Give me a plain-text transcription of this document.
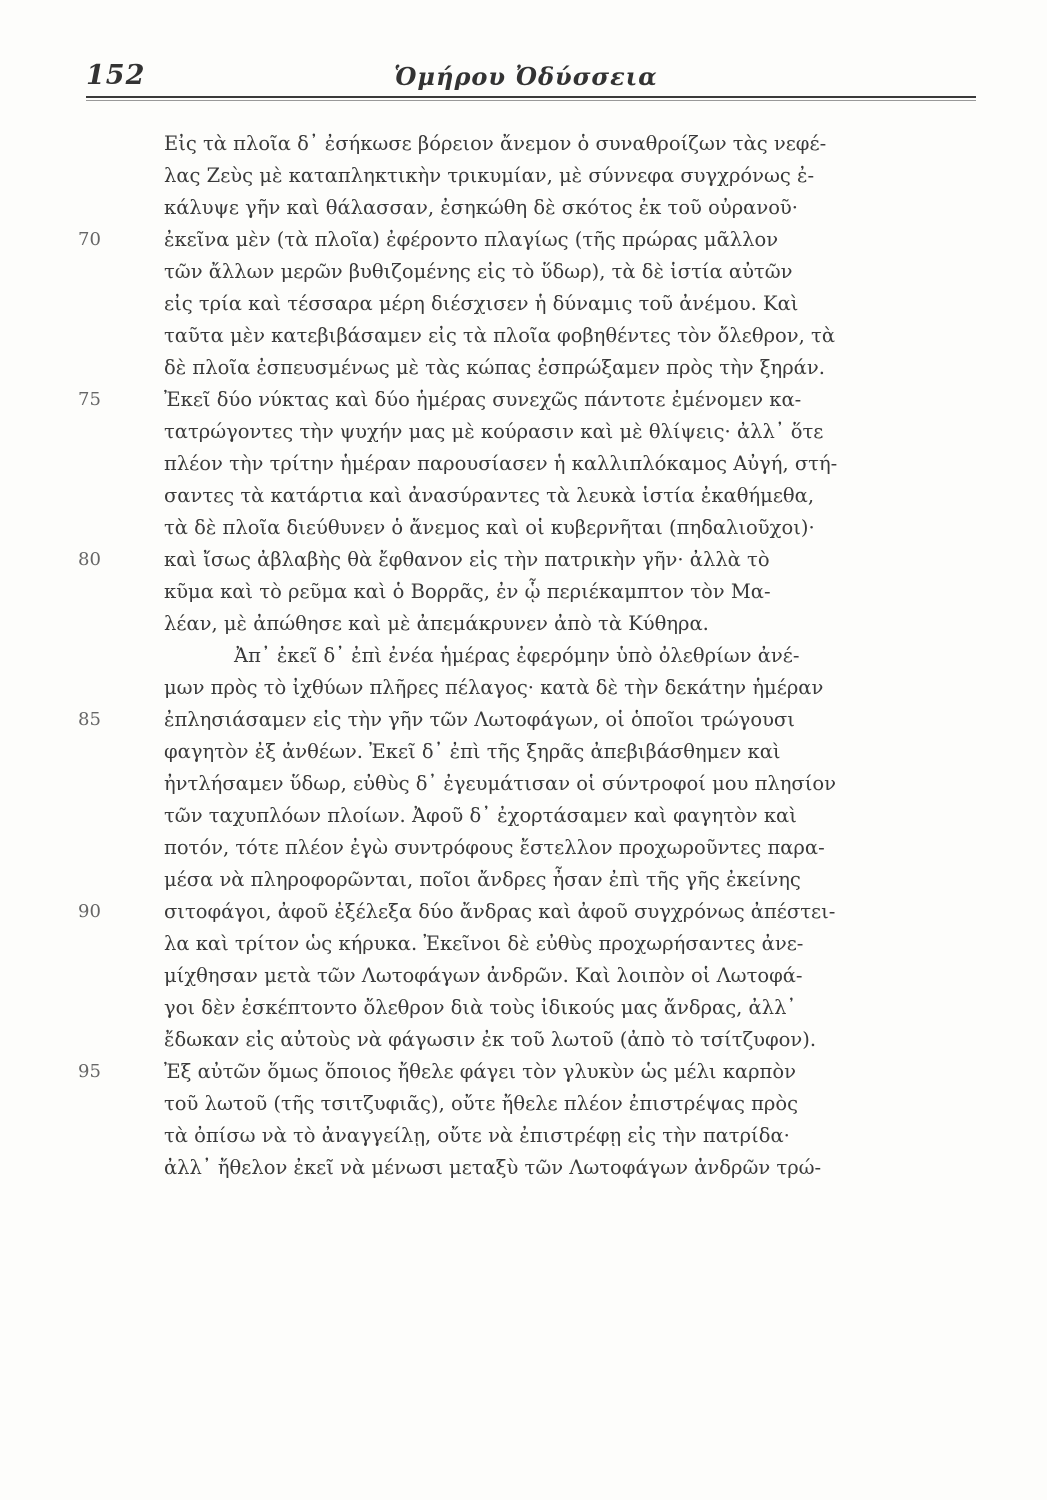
152	Ὁμήρου Ὀδύσσεια
70
75
80
85
90
95
Εἰς τὰ πλοῖα δ᾽ ἐσήκωσε βόρειον ἄνεμον ὁ συναθροίζων τὰς νεφέ-
λας Ζεὺς μὲ καταπληκτικὴν τρικυμίαν, μὲ σύννεφα συγχρόνως ἐ-
κάλυψε γῆν καὶ θάλασσαν, ἐσηκώθη δὲ σκότος ἐκ τοῦ οὐρανοῦ·
ἐκεῖνα μὲν (τὰ πλοῖα) ἐφέροντο πλαγίως (τῆς πρώρας μᾶλλον
τῶν ἄλλων μερῶν βυθιζομένης εἰς τὸ ὕδωρ), τὰ δὲ ἱστία αὐτῶν
εἰς τρία καὶ τέσσαρα μέρη διέσχισεν ἡ δύναμις τοῦ ἀνέμου. Καὶ
ταῦτα μὲν κατεβιβάσαμεν εἰς τὰ πλοῖα φοβηθέντες τὸν ὄλεθρον, τὰ
δὲ πλοῖα ἐσπευσμένως μὲ τὰς κώπας ἐσπρώξαμεν πρὸς τὴν ξηράν.
Ἐκεῖ δύο νύκτας καὶ δύο ἡμέρας συνεχῶς πάντοτε ἐμένομεν κα-
τατρώγοντες τὴν ψυχήν μας μὲ κούρασιν καὶ μὲ θλίψεις· ἀλλ᾽ ὅτε
πλέον τὴν τρίτην ἡμέραν παρουσίασεν ἡ καλλιπλόκαμος Αὐγή, στή-
σαντες τὰ κατάρτια καὶ ἀνασύραντες τὰ λευκὰ ἱστία ἐκαθήμεθα,
τὰ δὲ πλοῖα διεύθυνεν ὁ ἄνεμος καὶ οἱ κυβερνῆται (πηδαλιοῦχοι)·
καὶ ἴσως ἀβλαβὴς θὰ ἔφθανον εἰς τὴν πατρικὴν γῆν· ἀλλὰ τὸ
κῦμα καὶ τὸ ρεῦμα καὶ ὁ Βορρᾶς, ἐν ᾧ περιέκαμπτον τὸν Μα-
λέαν, μὲ ἀπώθησε καὶ μὲ ἀπεμάκρυνεν ἀπὸ τὰ Κύθηρα.
Ἀπ᾽ ἐκεῖ δ᾽ ἐπὶ ἐνέα ἡμέρας ἐφερόμην ὑπὸ ὀλεθρίων ἀνέ-
μων πρὸς τὸ ἰχθύων πλῆρες πέλαγος· κατὰ δὲ τὴν δεκάτην ἡμέραν
ἐπλησιάσαμεν εἰς τὴν γῆν τῶν Λωτοφάγων, οἱ ὁποῖοι τρώγουσι
φαγητὸν ἐξ ἀνθέων. Ἐκεῖ δ᾽ ἐπὶ τῆς ξηρᾶς ἀπεβιβάσθημεν καὶ
ἠντλήσαμεν ὕδωρ, εὐθὺς δ᾽ ἐγευμάτισαν οἱ σύντροφοί μου πλησίον
τῶν ταχυπλόων πλοίων. Ἀφοῦ δ᾽ ἐχορτάσαμεν καὶ φαγητὸν καὶ
ποτόν, τότε πλέον ἐγὼ συντρόφους ἔστελλον προχωροῦντες παρα-
μέσα νὰ πληροφορῶνται, ποῖοι ἄνδρες ἦσαν ἐπὶ τῆς γῆς ἐκείνης
σιτοφάγοι, ἀφοῦ ἐξέλεξα δύο ἄνδρας καὶ ἀφοῦ συγχρόνως ἀπέστει-
λα καὶ τρίτον ὡς κήρυκα. Ἐκεῖνοι δὲ εὐθὺς προχωρήσαντες ἀνε-
μίχθησαν μετὰ τῶν Λωτοφάγων ἀνδρῶν. Καὶ λοιπὸν οἱ Λωτοφά-
γοι δὲν ἐσκέπτοντο ὄλεθρον διὰ τοὺς ἰδικούς μας ἄνδρας, ἀλλ᾽
ἔδωκαν εἰς αὐτοὺς νὰ φάγωσιν ἐκ τοῦ λωτοῦ (ἀπὸ τὸ τσίτζυφον).
Ἐξ αὐτῶν ὅμως ὅποιος ἤθελε φάγει τὸν γλυκὺν ὡς μέλι καρπὸν
τοῦ λωτοῦ (τῆς τσιτζυφιᾶς), οὔτε ἤθελε πλέον ἐπιστρέψας πρὸς
τὰ ὀπίσω νὰ τὸ ἀναγγείλῃ, οὔτε νὰ ἐπιστρέφῃ εἰς τὴν πατρίδα·
ἀλλ᾽ ἤθελον ἐκεῖ νὰ μένωσι μεταξὺ τῶν Λωτοφάγων ἀνδρῶν τρώ-
